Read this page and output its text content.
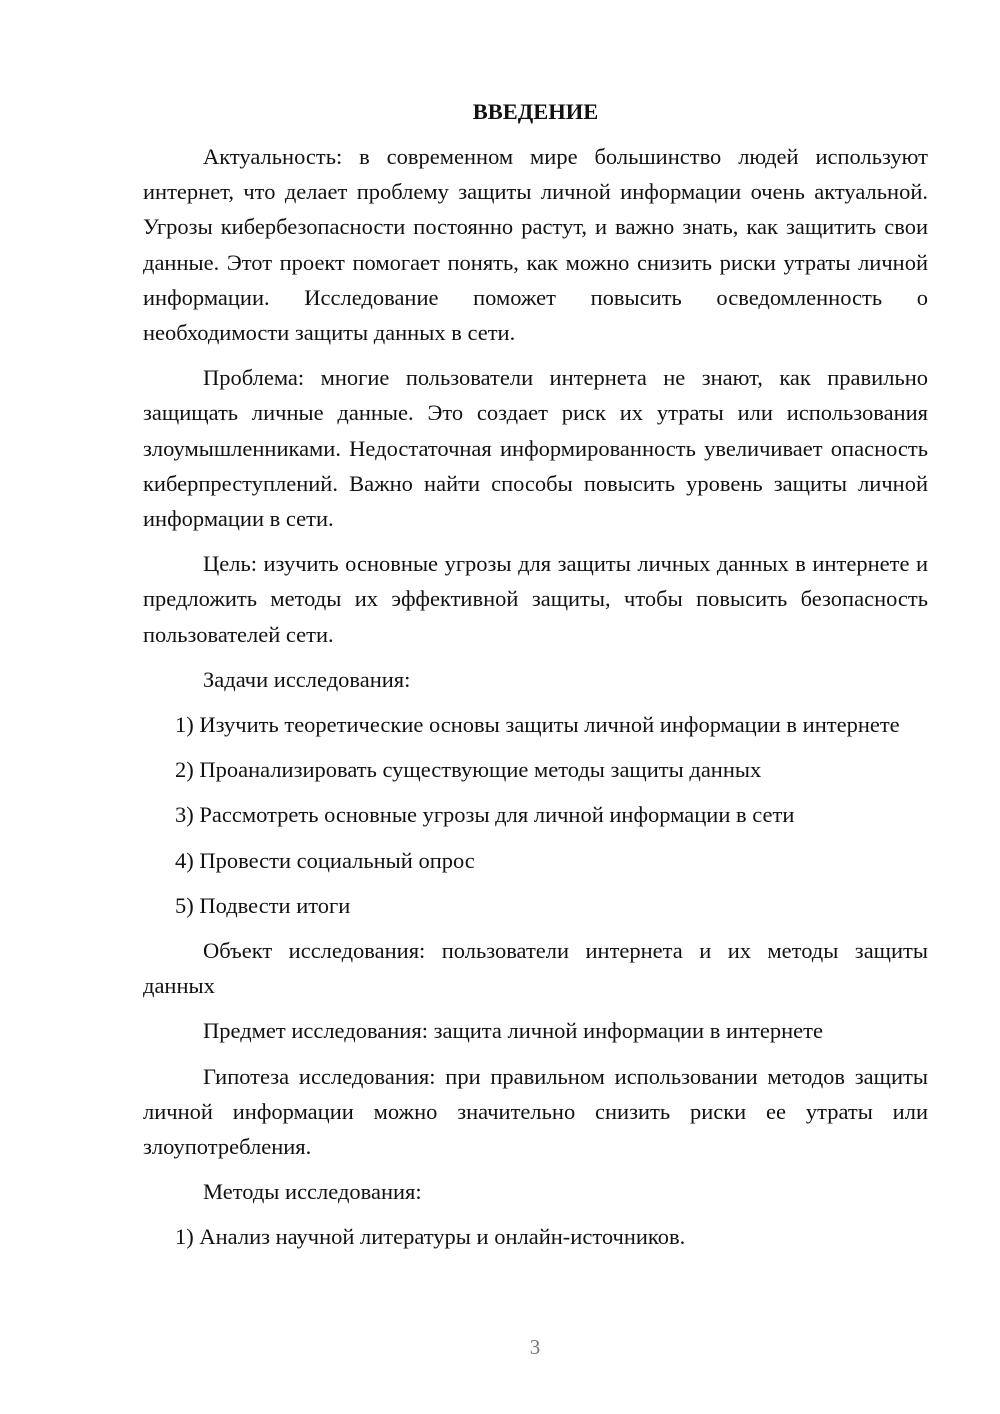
ВВЕДЕНИЕ

Актуальность: в современном мире большинство людей используют интернет, что делает проблему защиты личной информации очень актуальной. Угрозы кибербезопасности постоянно растут, и важно знать, как защитить свои данные. Этот проект помогает понять, как можно снизить риски утраты личной информации. Исследование поможет повысить осведомленность о необходимости защиты данных в сети.

Проблема: многие пользователи интернета не знают, как правильно защищать личные данные. Это создает риск их утраты или использования злоумышленниками. Недостаточная информированность увеличивает опасность киберпреступлений. Важно найти способы повысить уровень защиты личной информации в сети.

Цель: изучить основные угрозы для защиты личных данных в интернете и предложить методы их эффективной защиты, чтобы повысить безопасность пользователей сети.

Задачи исследования:

1) Изучить теоретические основы защиты личной информации в интернете

2) Проанализировать существующие методы защиты данных

3) Рассмотреть основные угрозы для личной информации в сети

4) Провести социальный опрос

5) Подвести итоги

Объект исследования: пользователи интернета и их методы защиты данных

Предмет исследования: защита личной информации в интернете

Гипотеза исследования: при правильном использовании методов защиты личной информации можно значительно снизить риски ее утраты или злоупотребления.

Методы исследования:

1) Анализ научной литературы и онлайн-источников.

3
